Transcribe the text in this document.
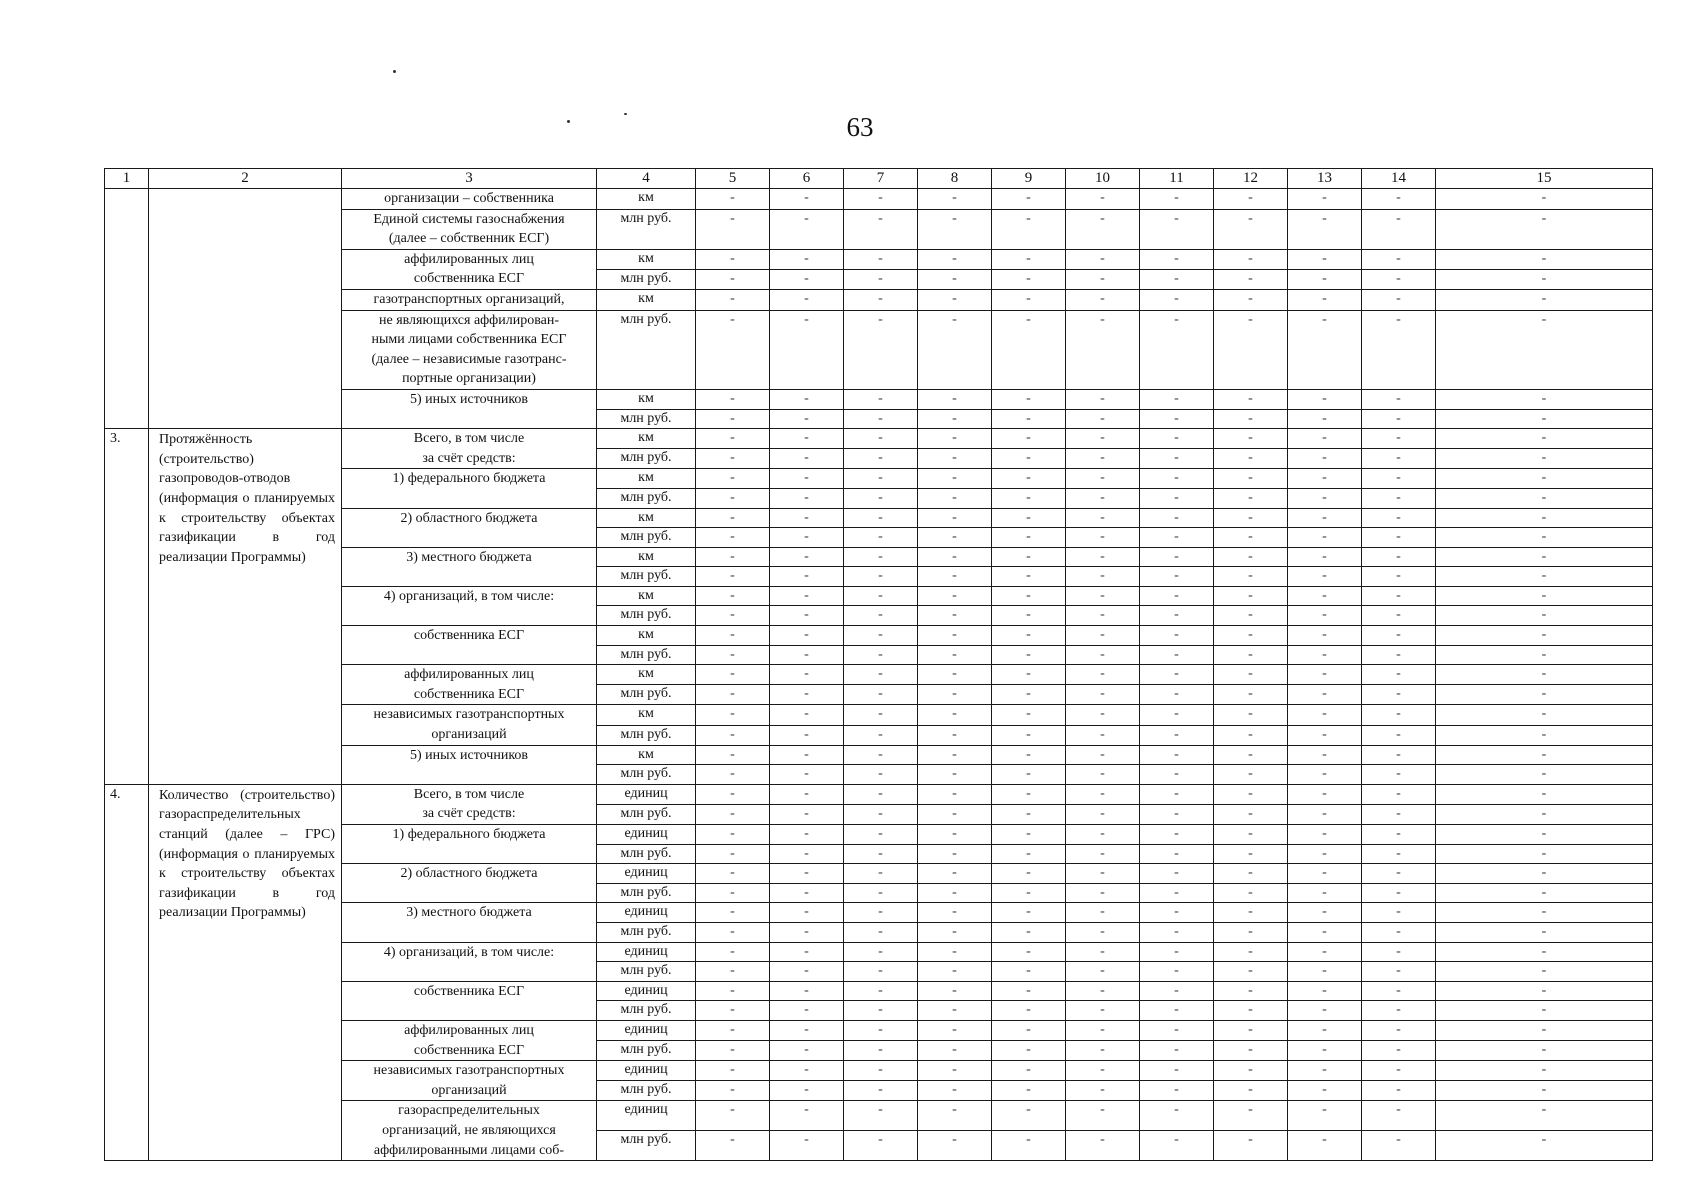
63
1	2	3	4	5	6	7	8	9	10	11	12	13	14	15

		организации – собственника	км	-	-	-	-	-	-	-	-	-	-	-

		Единой системы газоснабжения
(далее – собственник ЕСГ)	млн руб.	-	-	-	-	-	-	-	-	-	-	-

		аффилированных лиц
собственника ЕСГ	км	-	-	-	-	-	-	-	-	-	-	-
			млн руб.	-	-	-	-	-	-	-	-	-	-	-

		газотранспортных организаций,	км	-	-	-	-	-	-	-	-	-	-	-

		не являющихся аффилирован-
ными лицами собственника ЕСГ
(далее – независимые газотранс-
портные организации)	млн руб.	-	-	-	-	-	-	-	-	-	-	-

		5) иных источников	км	-	-	-	-	-	-	-	-	-	-	-
			млн руб.	-	-	-	-	-	-	-	-	-	-	-
3.	Протяжённость (строительство) газопроводов-отводов (информация о планируемых к строительству объектах газификации в год реализации Программы)	Всего, в том числе
за счёт средств:	км	-	-	-	-	-	-	-	-	-	-	-
			млн руб.	-	-	-	-	-	-	-	-	-	-	-

		1) федерального бюджета	км	-	-	-	-	-	-	-	-	-	-	-
			млн руб.	-	-	-	-	-	-	-	-	-	-	-

		2) областного бюджета	км	-	-	-	-	-	-	-	-	-	-	-
			млн руб.	-	-	-	-	-	-	-	-	-	-	-

		3) местного бюджета	км	-	-	-	-	-	-	-	-	-	-	-
			млн руб.	-	-	-	-	-	-	-	-	-	-	-

		4) организаций, в том числе:	км	-	-	-	-	-	-	-	-	-	-	-
			млн руб.	-	-	-	-	-	-	-	-	-	-	-

		собственника ЕСГ	км	-	-	-	-	-	-	-	-	-	-	-
			млн руб.	-	-	-	-	-	-	-	-	-	-	-

		аффилированных лиц
собственника ЕСГ	км	-	-	-	-	-	-	-	-	-	-	-
			млн руб.	-	-	-	-	-	-	-	-	-	-	-

		независимых газотранспортных
организаций	км	-	-	-	-	-	-	-	-	-	-	-
			млн руб.	-	-	-	-	-	-	-	-	-	-	-

		5) иных источников	км	-	-	-	-	-	-	-	-	-	-	-
			млн руб.	-	-	-	-	-	-	-	-	-	-	-
4.	Количество (строительство) газораспределительных станций (далее – ГРС) (информация о планируемых к строительству объектах газификации в год реализации Программы)	Всего, в том числе
за счёт средств:	единиц	-	-	-	-	-	-	-	-	-	-	-
			млн руб.	-	-	-	-	-	-	-	-	-	-	-

		1) федерального бюджета	единиц	-	-	-	-	-	-	-	-	-	-	-
			млн руб.	-	-	-	-	-	-	-	-	-	-	-

		2) областного бюджета	единиц	-	-	-	-	-	-	-	-	-	-	-
			млн руб.	-	-	-	-	-	-	-	-	-	-	-

		3) местного бюджета	единиц	-	-	-	-	-	-	-	-	-	-	-
			млн руб.	-	-	-	-	-	-	-	-	-	-	-

		4) организаций, в том числе:	единиц	-	-	-	-	-	-	-	-	-	-	-
			млн руб.	-	-	-	-	-	-	-	-	-	-	-

		собственника ЕСГ	единиц	-	-	-	-	-	-	-	-	-	-	-
			млн руб.	-	-	-	-	-	-	-	-	-	-	-

		аффилированных лиц
собственника ЕСГ	единиц	-	-	-	-	-	-	-	-	-	-	-
			млн руб.	-	-	-	-	-	-	-	-	-	-	-

		независимых газотранспортных
организаций	единиц	-	-	-	-	-	-	-	-	-	-	-
			млн руб.	-	-	-	-	-	-	-	-	-	-	-

		газораспределительных
организаций, не являющихся
аффилированными лицами соб-	единиц	-	-	-	-	-	-	-	-	-	-	-
			млн руб.	-	-	-	-	-	-	-	-	-	-	-
